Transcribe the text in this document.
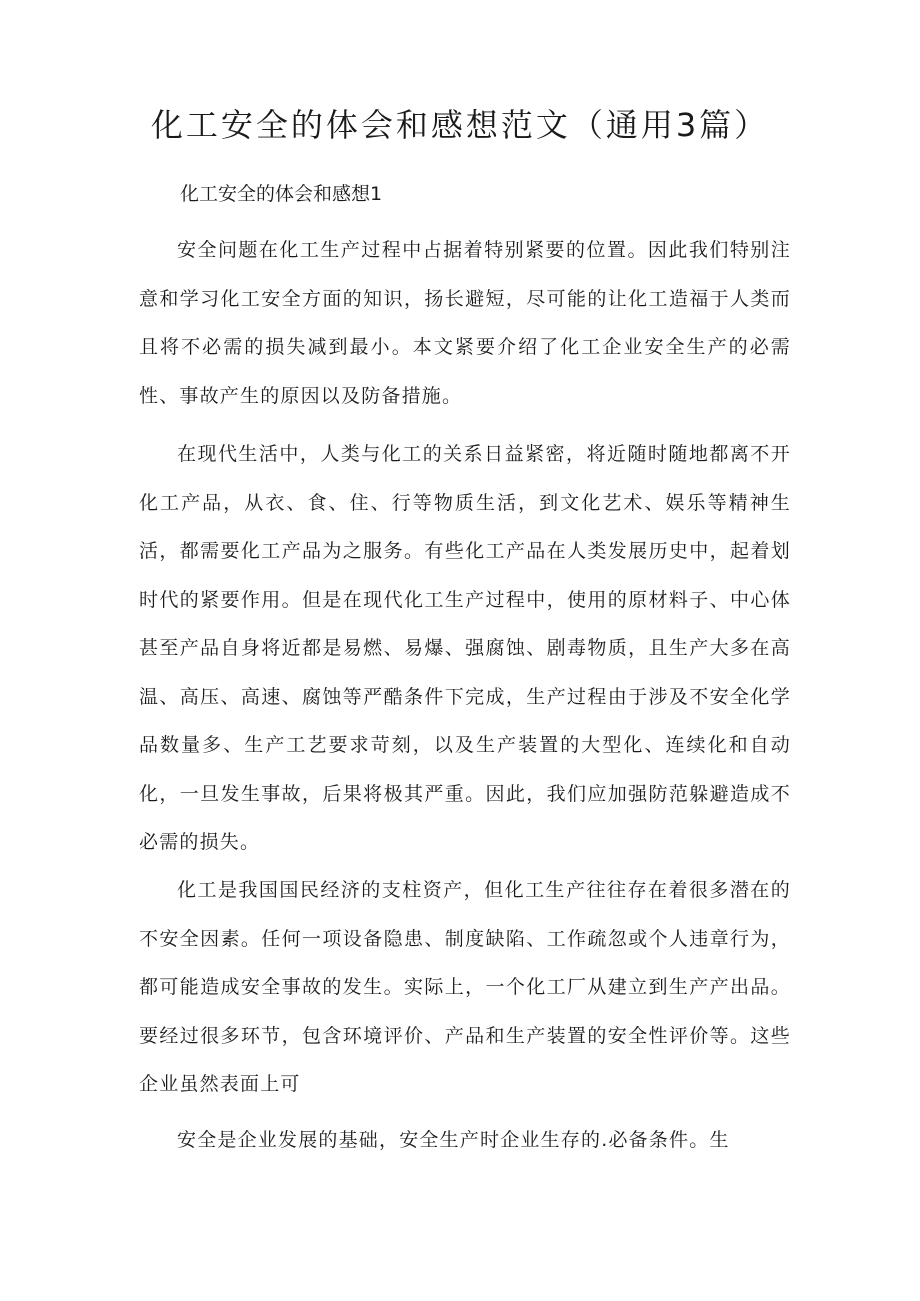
化工安全的体会和感想范文（通用3篇）
化工安全的体会和感想1

安全问题在化工生产过程中占据着特别紧要的位置。因此我们特别注意和学习化工安全方面的知识，扬长避短，尽可能的让化工造福于人类而且将不必需的损失减到最小。本文紧要介绍了化工企业安全生产的必需性、事故产生的原因以及防备措施。

在现代生活中，人类与化工的关系日益紧密，将近随时随地都离不开化工产品，从衣、食、住、行等物质生活，到文化艺术、娱乐等精神生活，都需要化工产品为之服务。有些化工产品在人类发展历史中，起着划时代的紧要作用。但是在现代化工生产过程中，使用的原材料子、中心体甚至产品自身将近都是易燃、易爆、强腐蚀、剧毒物质，且生产大多在高温、高压、高速、腐蚀等严酷条件下完成，生产过程由于涉及不安全化学品数量多、生产工艺要求苛刻，以及生产装置的大型化、连续化和自动化，一旦发生事故，后果将极其严重。因此，我们应加强防范躲避造成不必需的损失。

化工是我国国民经济的支柱资产，但化工生产往往存在着很多潜在的不安全因素。任何一项设备隐患、制度缺陷、工作疏忽或个人违章行为，都可能造成安全事故的发生。实际上，一个化工厂从建立到生产产出品。要经过很多环节，包含环境评价、产品和生产装置的安全性评价等。这些企业虽然表面上可

安全是企业发展的基础，安全生产时企业生存的.必备条件。生
